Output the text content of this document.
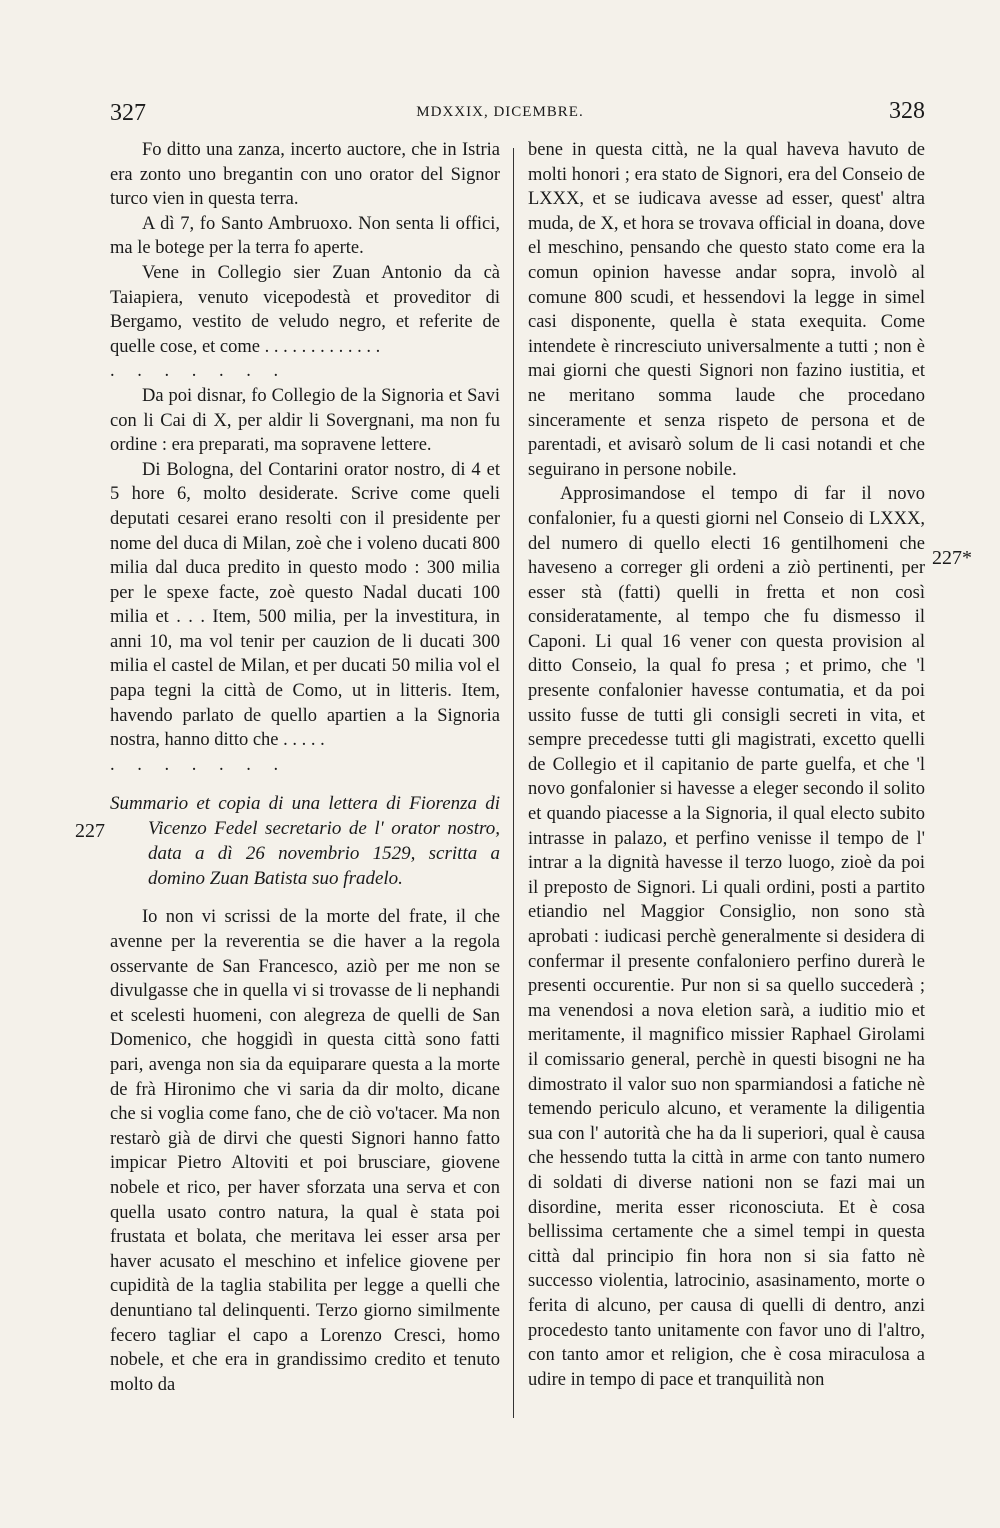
327	MDXXIX, DICEMBRE.	328
227
227*

Fo ditto una zanza, incerto auctore, che in Istria era zonto uno bregantin con uno orator del Signor turco vien in questa terra.

A dì 7, fo Santo Ambruoxo. Non senta li offici, ma le botege per la terra fo aperte.

Vene in Collegio sier Zuan Antonio da cà Taiapiera, venuto vicepodestà et proveditor di Bergamo, vestito de veludo negro, et referite de quelle cose, et come . . . . . . . . . . . . .

. . . . . . .

Da poi disnar, fo Collegio de la Signoria et Savi con li Cai di X, per aldir li Sovergnani, ma non fu ordine : era preparati, ma sopravene lettere.

Di Bologna, del Contarini orator nostro, di 4 et 5 hore 6, molto desiderate. Scrive come queli deputati cesarei erano resolti con il presidente per nome del duca di Milan, zoè che i voleno ducati 800 milia dal duca predito in questo modo : 300 milia per le spexe facte, zoè questo Nadal ducati 100 milia et . . . Item, 500 milia, per la investitura, in anni 10, ma vol tenir per cauzion de li ducati 300 milia el castel de Milan, et per ducati 50 milia vol el papa tegni la città de Como, ut in litteris. Item, havendo parlato de quello apartien a la Signoria nostra, hanno ditto che . . . . .

. . . . . . .

Summario et copia di una lettera di Fiorenza di Vicenzo Fedel secretario de l' orator nostro, data a dì 26 novembrio 1529, scritta a domino Zuan Batista suo fradelo.

Io non vi scrissi de la morte del frate, il che avenne per la reverentia se die haver a la regola osservante de San Francesco, aziò per me non se divulgasse che in quella vi si trovasse de li nephandi et scelesti huomeni, con alegreza de quelli de San Domenico, che hoggidì in questa città sono fatti pari, avenga non sia da equiparare questa a la morte de frà Hironimo che vi saria da dir molto, dicane che si voglia come fano, che de ciò vo'tacer. Ma non restarò già de dirvi che questi Signori hanno fatto impicar Pietro Altoviti et poi brusciare, giovene nobele et rico, per haver sforzata una serva et con quella usato contro natura, la qual è stata poi frustata et bolata, che meritava lei esser arsa per haver acusato el meschino et infelice giovene per cupidità de la taglia stabilita per legge a quelli che denuntiano tal delinquenti. Terzo giorno similmente fecero tagliar el capo a Lorenzo Cresci, homo nobele, et che era in grandissimo credito et tenuto molto da

bene in questa città, ne la qual haveva havuto de molti honori ; era stato de Signori, era del Conseio de LXXX, et se iudicava avesse ad esser, quest' altra muda, de X, et hora se trovava official in doana, dove el meschino, pensando che questo stato come era la comun opinion havesse andar sopra, involò al comune 800 scudi, et hessendovi la legge in simel casi disponente, quella è stata exequita. Come intendete è rincresciuto universalmente a tutti ; non è mai giorni che questi Signori non fazino iustitia, et ne meritano somma laude che procedano sinceramente et senza rispeto de persona et de parentadi, et avisarò solum de li casi notandi et che seguirano in persone nobile.

Approsimandose el tempo di far il novo confalonier, fu a questi giorni nel Conseio di LXXX, del numero di quello electi 16 gentilhomeni che haveseno a correger gli ordeni a ziò pertinenti, per esser stà (fatti) quelli in fretta et non così consideratamente, al tempo che fu dismesso il Caponi. Li qual 16 vener con questa provision al ditto Conseio, la qual fo presa ; et primo, che 'l presente confalonier havesse contumatia, et da poi ussito fusse de tutti gli consigli secreti in vita, et sempre precedesse tutti gli magistrati, excetto quelli de Collegio et il capitanio de parte guelfa, et che 'l novo gonfalonier si havesse a eleger secondo il solito et quando piacesse a la Signoria, il qual electo subito intrasse in palazo, et perfino venisse il tempo de l' intrar a la dignità havesse il terzo luogo, zioè da poi il preposto de Signori. Li quali ordini, posti a partito etiandio nel Maggior Consiglio, non sono stà aprobati : iudicasi perchè generalmente si desidera di confermar il presente confaloniero perfino durerà le presenti occurentie. Pur non si sa quello succederà ; ma venendosi a nova eletion sarà, a iuditio mio et meritamente, il magnifico missier Raphael Girolami il comissario general, perchè in questi bisogni ne ha dimostrato il valor suo non sparmiandosi a fatiche nè temendo periculo alcuno, et veramente la diligentia sua con l' autorità che ha da li superiori, qual è causa che hessendo tutta la città in arme con tanto numero di soldati di diverse nationi non se fazi mai un disordine, merita esser riconosciuta. Et è cosa bellissima certamente che a simel tempi in questa città dal principio fin hora non si sia fatto nè successo violentia, latrocinio, asasinamento, morte o ferita di alcuno, per causa di quelli di dentro, anzi procedesto tanto unitamente con favor uno di l'altro, con tanto amor et religion, che è cosa miraculosa a udire in tempo di pace et tranquilità non
